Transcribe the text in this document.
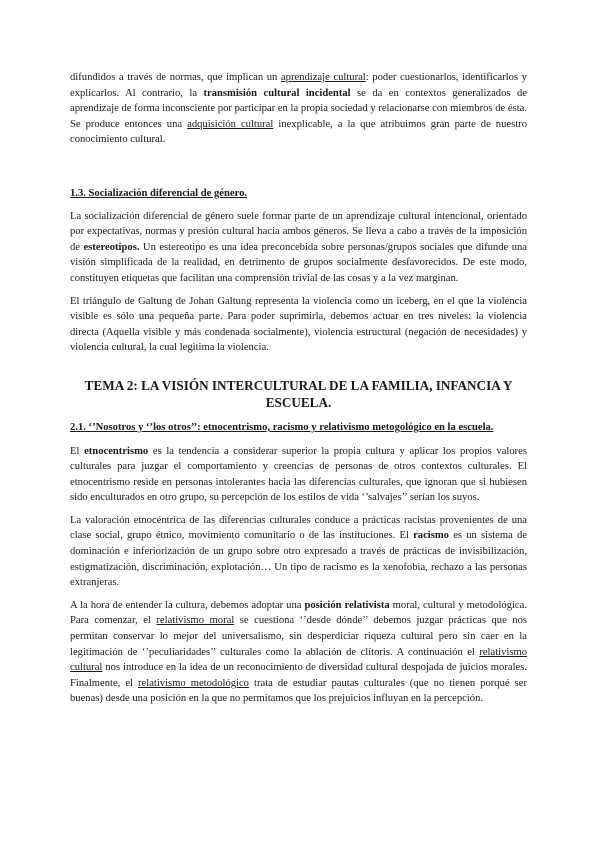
difundidos a través de normas, que implican un aprendizaje cultural: poder cuestionarlos, identificarlos y explicarlos. Al contrario, la transmisión cultural incidental se da en contextos generalizados de aprendizaje de forma inconsciente por participar en la propia sociedad y relacionarse con miembros de ésta. Se produce entonces una adquisición cultural inexplicable, a la que atribuimos gran parte de nuestro conocimiento cultural.

1.3. Socialización diferencial de género.

La socialización diferencial de género suele formar parte de un aprendizaje cultural intencional, orientado por expectativas, normas y presión cultural hacia ambos géneros. Se lleva a cabo a través de la imposición de estereotipos. Un estereotipo es una idea preconcebida sobre personas/grupos sociales que difunde una visión simplificada de la realidad, en detrimento de grupos socialmente desfavorecidos. De este modo, constituyen etiquetas que facilitan una comprensión trivial de las cosas y a la vez marginan.

El triángulo de Galtung de Johan Galtung representa la violencia como un iceberg, en el que la violencia visible es sólo una pequeña parte. Para poder suprimirla, debemos actuar en tres niveles: la violencia directa (Aquella visible y más condenada socialmente), violencia estructural (negación de necesidades) y violencia cultural, la cual legitima la violencia.

TEMA 2: LA VISIÓN INTERCULTURAL DE LA FAMILIA, INFANCIA Y ESCUELA.
2.1. ‘’Nosotros y ‘’los otros’’: etnocentrismo, racismo y relativismo metogológico en la escuela.

El etnocentrismo es la tendencia a considerar superior la propia cultura y aplicar los propios valores culturales para juzgar el comportamiento y creencias de personas de otros contextos culturales. El etnocentrismo reside en personas intolerantes hacia las diferencias culturales, que ignoran que si hubiesen sido enculturados en otro grupo, su percepción de los estilos de vida ‘’salvajes’’ serían los suyos.

La valoración etnocéntrica de las diferencias culturales conduce a prácticas racistas provenientes de una clase social, grupo étnico, movimiento comunitario o de las instituciones. El racismo es un sistema de dominación e inferiorización de un grupo sobre otro expresado a través de prácticas de invisibilización, estigmatización, discriminación, explotación… Un tipo de racismo es la xenofobia, rechazo a las personas extranjeras.

A la hora de entender la cultura, debemos adoptar una posición relativista moral, cultural y metodológica. Para comenzar, el relativismo moral se cuestiona ‘’desde dónde’’ debemos juzgar prácticas que nos permitan conservar lo mejor del universalismo, sin desperdiciar riqueza cultural pero sin caer en la legitimación de ‘’peculiaridades’’ culturales como la ablación de clítoris. A continuación el relativismo cultural nos introduce en la idea de un reconocimiento de diversidad cultural despojada de juicios morales. Finalmente, el relativismo metodológico trata de estudiar pautas culturales (que no tienen porqué ser buenas) desde una posición en la que no permitamos que los prejuicios influyan en la percepción.
